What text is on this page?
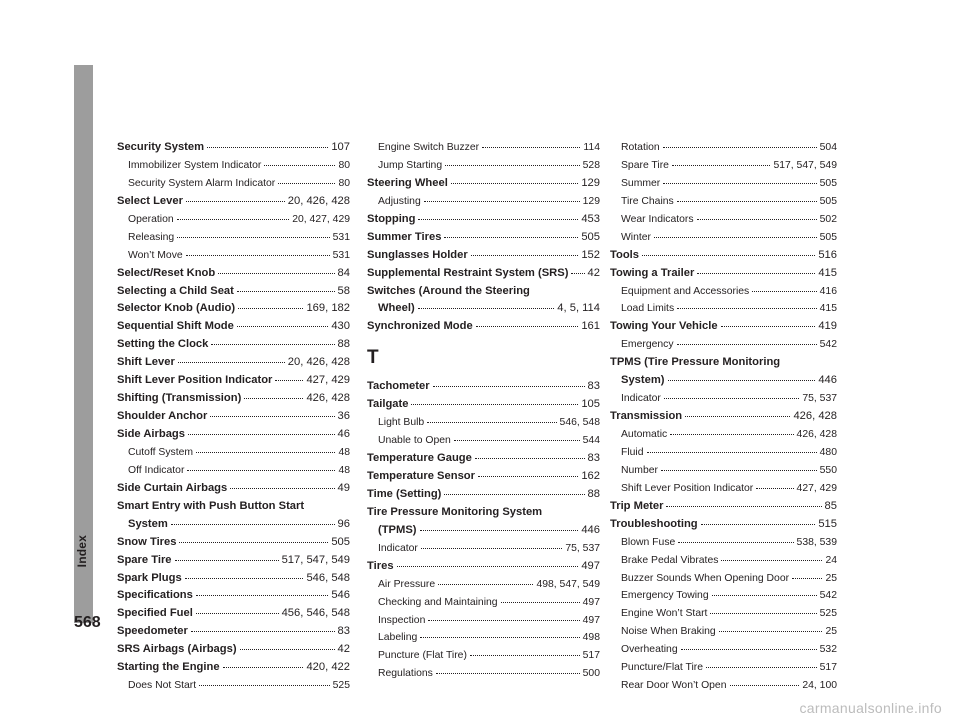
Index
568
Security System	107
Immobilizer System Indicator	80
Security System Alarm Indicator	80
Select Lever	20, 426, 428
Operation	20, 427, 429
Releasing	531
Won’t Move	531
Select/Reset Knob	84
Selecting a Child Seat	58
Selector Knob (Audio)	169, 182
Sequential Shift Mode	430
Setting the Clock	88
Shift Lever	20, 426, 428
Shift Lever Position Indicator	427, 429
Shifting (Transmission)	426, 428
Shoulder Anchor	36
Side Airbags	46
Cutoff System	48
Off Indicator	48
Side Curtain Airbags	49
Smart Entry with Push Button Start
System	96
Snow Tires	505
Spare Tire	517, 547, 549
Spark Plugs	546, 548
Specifications	546
Specified Fuel	456, 546, 548
Speedometer	83
SRS Airbags (Airbags)	42
Starting the Engine	420, 422
Does Not Start	525
Engine Switch Buzzer	114
Jump Starting	528
Steering Wheel	129
Adjusting	129
Stopping	453
Summer Tires	505
Sunglasses Holder	152
Supplemental Restraint System (SRS) 42
Switches (Around the Steering
Wheel)	4, 5, 114
Synchronized Mode	161
T
Tachometer	83
Tailgate	105
Light Bulb	546, 548
Unable to Open	544
Temperature Gauge	83
Temperature Sensor	162
Time (Setting)	88
Tire Pressure Monitoring System
(TPMS)	446
Indicator	75, 537
Tires	497
Air Pressure	498, 547, 549
Checking and Maintaining	497
Inspection	497
Labeling	498
Puncture (Flat Tire)	517
Regulations	500
Rotation	504
Spare Tire	517, 547, 549
Summer	505
Tire Chains	505
Wear Indicators	502
Winter	505
Tools	516
Towing a Trailer	415
Equipment and Accessories	416
Load Limits	415
Towing Your Vehicle	419
Emergency	542
TPMS (Tire Pressure Monitoring
System)	446
Indicator	75, 537
Transmission	426, 428
Automatic	426, 428
Fluid	480
Number	550
Shift Lever Position Indicator	427, 429
Trip Meter	85
Troubleshooting	515
Blown Fuse	538, 539
Brake Pedal Vibrates	24
Buzzer Sounds When Opening Door	25
Emergency Towing	542
Engine Won’t Start	525
Noise When Braking	25
Overheating	532
Puncture/Flat Tire	517
Rear Door Won’t Open	24, 100
carmanualsonline.info
